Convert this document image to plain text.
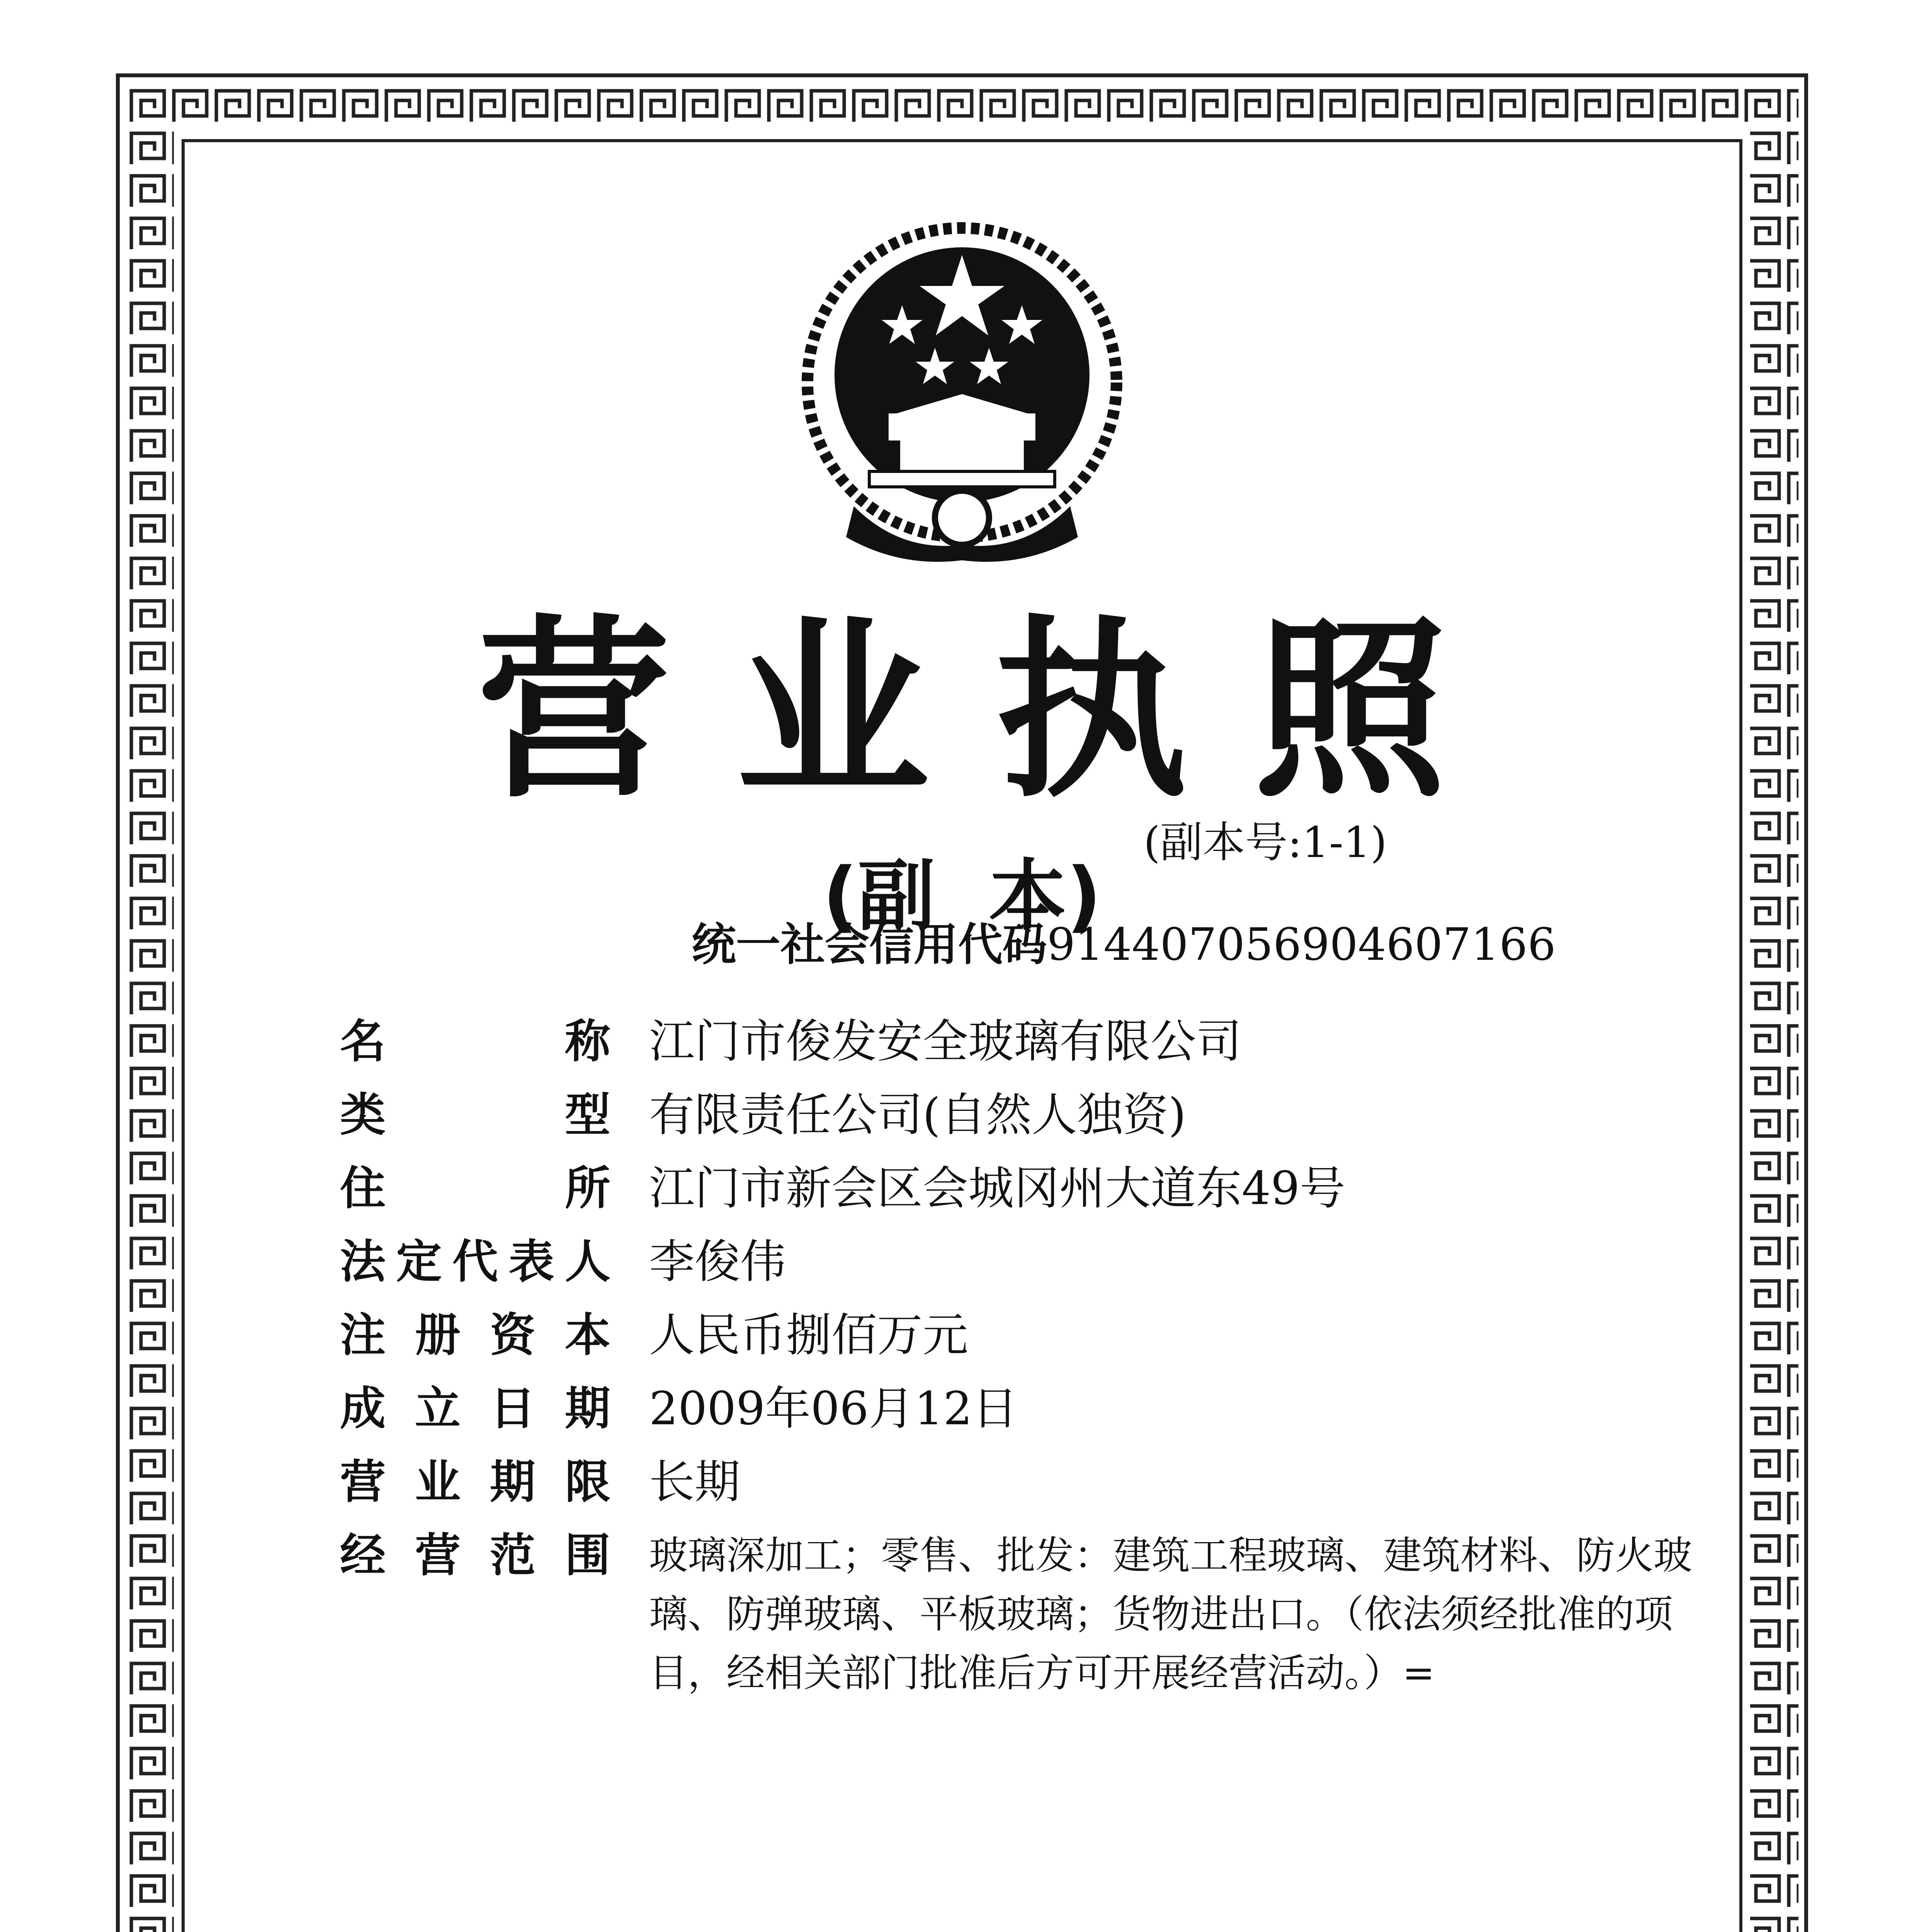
营业执照
(副本号:1-1)
(副  本)
统一社会信用代码914407056904607166
名	称 江门市俊发安全玻璃有限公司
类	型 有限责任公司(自然人独资)
住	所 江门市新会区会城冈州大道东49号
法 定 代 表 人 李俊伟
注 册 资 本 人民币捌佰万元
成 立 日 期 2009年06月12日
营 业 期 限 长期
经 营 范 围 玻璃深加工；零售、批发：建筑工程玻璃、建筑材料、防火玻璃、防弹玻璃、平板玻璃；货物进出口。（依法须经批准的项目，经相关部门批准后方可开展经营活动。）=
